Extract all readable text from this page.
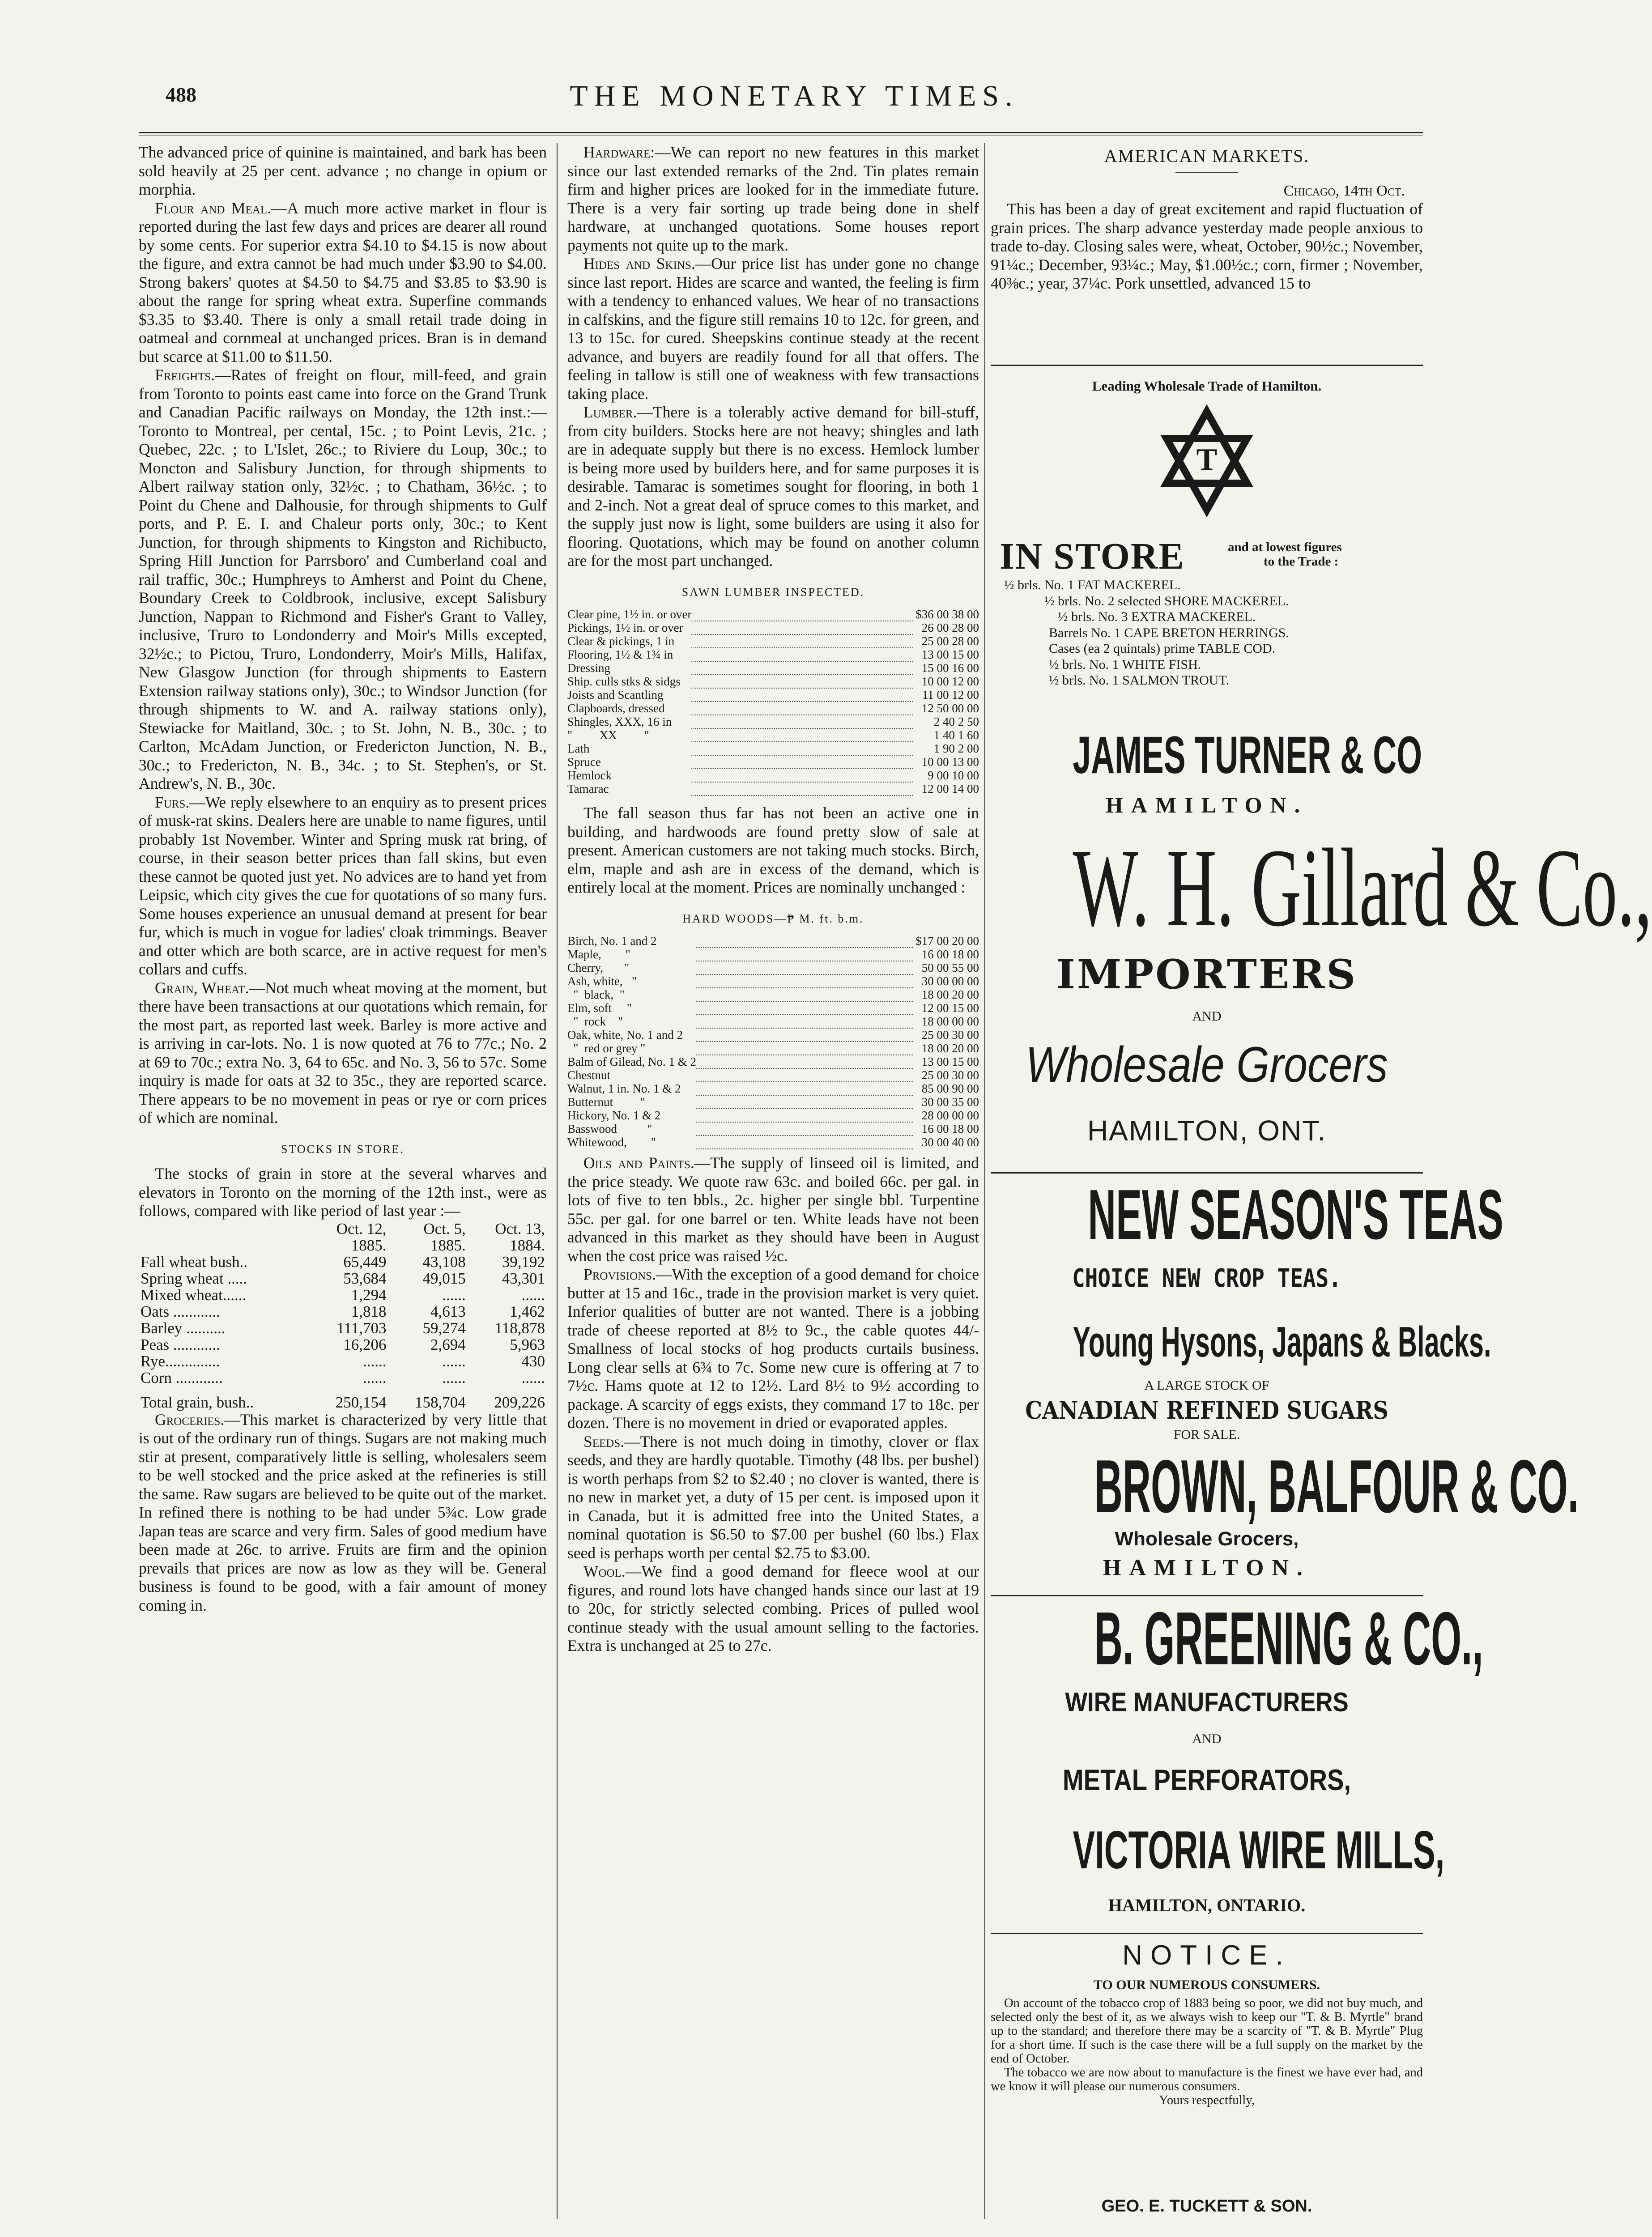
488	THE MONETARY TIMES.

The advanced price of quinine is maintained, and bark has been sold heavily at 25 per cent. advance ; no change in opium or morphia.

Flour and Meal.—A much more active market in flour is reported during the last few days and prices are dearer all round by some cents. For superior extra $4.10 to $4.15 is now about the figure, and extra cannot be had much under $3.90 to $4.00. Strong bakers' quotes at $4.50 to $4.75 and $3.85 to $3.90 is about the range for spring wheat extra. Superfine commands $3.35 to $3.40. There is only a small retail trade doing in oatmeal and cornmeal at unchanged prices. Bran is in demand but scarce at $11.00 to $11.50.

Freights.—Rates of freight on flour, mill-feed, and grain from Toronto to points east came into force on the Grand Trunk and Canadian Pacific railways on Monday, the 12th inst.:—Toronto to Montreal, per cental, 15c. ; to Point Levis, 21c. ; Quebec, 22c. ; to L'Islet, 26c.; to Riviere du Loup, 30c.; to Moncton and Salisbury Junction, for through shipments to Albert railway station only, 32½c. ; to Chatham, 36½c. ; to Point du Chene and Dalhousie, for through shipments to Gulf ports, and P. E. I. and Chaleur ports only, 30c.; to Kent Junction, for through shipments to Kingston and Richibucto, Spring Hill Junction for Parrsboro' and Cumberland coal and rail traffic, 30c.; Humphreys to Amherst and Point du Chene, Boundary Creek to Coldbrook, inclusive, except Salisbury Junction, Nappan to Richmond and Fisher's Grant to Valley, inclusive, Truro to Londonderry and Moir's Mills excepted, 32½c.; to Pictou, Truro, Londonderry, Moir's Mills, Halifax, New Glasgow Junction (for through shipments to Eastern Extension railway stations only), 30c.; to Windsor Junction (for through shipments to W. and A. railway stations only), Stewiacke for Maitland, 30c. ; to St. John, N. B., 30c. ; to Carlton, McAdam Junction, or Fredericton Junction, N. B., 30c.; to Fredericton, N. B., 34c. ; to St. Stephen's, or St. Andrew's, N. B., 30c.

Furs.—We reply elsewhere to an enquiry as to present prices of musk-rat skins. Dealers here are unable to name figures, until probably 1st November. Winter and Spring musk rat bring, of course, in their season better prices than fall skins, but even these cannot be quoted just yet. No advices are to hand yet from Leipsic, which city gives the cue for quotations of so many furs. Some houses experience an unusual demand at present for bear fur, which is much in vogue for ladies' cloak trimmings. Beaver and otter which are both scarce, are in active request for men's collars and cuffs.

Grain, Wheat.—Not much wheat moving at the moment, but there have been transactions at our quotations which remain, for the most part, as reported last week. Barley is more active and is arriving in car-lots. No. 1 is now quoted at 76 to 77c.; No. 2 at 69 to 70c.; extra No. 3, 64 to 65c. and No. 3, 56 to 57c. Some inquiry is made for oats at 32 to 35c., they are reported scarce. There appears to be no movement in peas or rye or corn prices of which are nominal.

STOCKS IN STORE.

The stocks of grain in store at the several wharves and elevators in Toronto on the morning of the 12th inst., were as follows, compared with like period of last year :—

	Oct. 12,	Oct. 5,	Oct. 13,
	1885.	1885.	1884.
Fall wheat bush..	65,449	43,108	39,192
Spring wheat .....	53,684	49,015	43,301
Mixed wheat......	1,294	......	......
Oats ............	1,818	4,613	1,462
Barley ..........	111,703	59,274	118,878
Peas ............	16,206	2,694	5,963
Rye..............	......	......	430
Corn ............	......	......	......
Total grain, bush..	250,154	158,704	209,226

Groceries.—This market is characterized by very little that is out of the ordinary run of things. Sugars are not making much stir at present, comparatively little is selling, wholesalers seem to be well stocked and the price asked at the refineries is still the same. Raw sugars are believed to be quite out of the market. In refined there is nothing to be had under 5¾c. Low grade Japan teas are scarce and very firm. Sales of good medium have been made at 26c. to arrive. Fruits are firm and the opinion prevails that prices are now as low as they will be. General business is found to be good, with a fair amount of money coming in.

Hardware:—We can report no new features in this market since our last extended remarks of the 2nd. Tin plates remain firm and higher prices are looked for in the immediate future. There is a very fair sorting up trade being done in shelf hardware, at unchanged quotations. Some houses report payments not quite up to the mark.

Hides and Skins.—Our price list has under gone no change since last report. Hides are scarce and wanted, the feeling is firm with a tendency to enhanced values. We hear of no transactions in calfskins, and the figure still remains 10 to 12c. for green, and 13 to 15c. for cured. Sheepskins continue steady at the recent advance, and buyers are readily found for all that offers. The feeling in tallow is still one of weakness with few transactions taking place.

Lumber.—There is a tolerably active demand for bill-stuff, from city builders. Stocks here are not heavy; shingles and lath are in adequate supply but there is no excess. Hemlock lumber is being more used by builders here, and for same purposes it is desirable. Tamarac is sometimes sought for flooring, in both 1 and 2-inch. Not a great deal of spruce comes to this market, and the supply just now is light, some builders are using it also for flooring. Quotations, which may be found on another column are for the most part unchanged.

SAWN LUMBER INSPECTED.
Clear pine, 1½ in. or over		$36 00 38 00
Pickings, 1½ in. or over		26 00 28 00
Clear & pickings, 1 in		25 00 28 00
Flooring, 1½ & 1¾ in		13 00 15 00
Dressing		15 00 16 00
Ship. culls stks & sidgs		10 00 12 00
Joists and Scantling		11 00 12 00
Clapboards, dressed		12 50 00 00
Shingles, XXX, 16 in		2 40 2 50
"         XX         "		1 40 1 60
Lath		1 90 2 00
Spruce		10 00 13 00
Hemlock		9 00 10 00
Tamarac		12 00 14 00

The fall season thus far has not been an active one in building, and hardwoods are found pretty slow of sale at present. American customers are not taking much stocks. Birch, elm, maple and ash are in excess of the demand, which is entirely local at the moment. Prices are nominally unchanged :

HARD WOODS—₱ M. ft. b.m.
Birch, No. 1 and 2		$17 00 20 00
Maple,        "		16 00 18 00
Cherry,       "		50 00 55 00
Ash, white,   "		30 00 00 00
"  black,  "		18 00 20 00
Elm, soft     "		12 00 15 00
"  rock    "		18 00 00 00
Oak, white, No. 1 and 2		25 00 30 00
"  red or grey "		18 00 20 00
Balm of Gilead, No. 1 & 2		13 00 15 00
Chestnut		25 00 30 00
Walnut, 1 in. No. 1 & 2		85 00 90 00
Butternut         "		30 00 35 00
Hickory, No. 1 & 2		28 00 00 00
Basswood          "		16 00 18 00
Whitewood,        "		30 00 40 00

Oils and Paints.—The supply of linseed oil is limited, and the price steady. We quote raw 63c. and boiled 66c. per gal. in lots of five to ten bbls., 2c. higher per single bbl. Turpentine 55c. per gal. for one barrel or ten. White leads have not been advanced in this market as they should have been in August when the cost price was raised ½c.

Provisions.—With the exception of a good demand for choice butter at 15 and 16c., trade in the provision market is very quiet. Inferior qualities of butter are not wanted. There is a jobbing trade of cheese reported at 8½ to 9c., the cable quotes 44/- Smallness of local stocks of hog products curtails business. Long clear sells at 6¾ to 7c. Some new cure is offering at 7 to 7½c. Hams quote at 12 to 12½. Lard 8½ to 9½ according to package. A scarcity of eggs exists, they command 17 to 18c. per dozen. There is no movement in dried or evaporated apples.

Seeds.—There is not much doing in timothy, clover or flax seeds, and they are hardly quotable. Timothy (48 lbs. per bushel) is worth perhaps from $2 to $2.40 ; no clover is wanted, there is no new in market yet, a duty of 15 per cent. is imposed upon it in Canada, but it is admitted free into the United States, a nominal quotation is $6.50 to $7.00 per bushel (60 lbs.) Flax seed is perhaps worth per cental $2.75 to $3.00.

Wool.—We find a good demand for fleece wool at our figures, and round lots have changed hands since our last at 19 to 20c, for strictly selected combing. Prices of pulled wool continue steady with the usual amount selling to the factories. Extra is unchanged at 25 to 27c.

AMERICAN MARKETS.
Chicago, 14th Oct.

This has been a day of great excitement and rapid fluctuation of grain prices. The sharp advance yesterday made people anxious to trade to-day. Closing sales were, wheat, October, 90½c.; November, 91¼c.; December, 93¼c.; May, $1.00½c.; corn, firmer ; November, 40⅜c.; year, 37¼c. Pork unsettled, advanced 15 to

Leading Wholesale Trade of Hamilton.
T
IN STORE	and at lowest figures
to the Trade :
½ brls. No. 1 FAT MACKEREL.
½ brls. No. 2 selected SHORE MACKEREL.
½ brls. No. 3 EXTRA MACKEREL.
Barrels No. 1 CAPE BRETON HERRINGS.
Cases (ea 2 quintals) prime TABLE COD.
½ brls. No. 1 WHITE FISH.
½ brls. No. 1 SALMON TROUT.
JAMES TURNER & CO
HAMILTON.
W. H. Gillard & Co.,
IMPORTERS
AND
Wholesale Grocers
HAMILTON, ONT.
NEW SEASON'S TEAS
CHOICE NEW CROP TEAS.
Young Hysons, Japans & Blacks.
A LARGE STOCK OF
CANADIAN REFINED SUGARS
FOR SALE.
BROWN, BALFOUR & CO.
Wholesale Grocers,
HAMILTON.
B. GREENING & CO.,
WIRE MANUFACTURERS
AND
METAL PERFORATORS,
VICTORIA WIRE MILLS,
HAMILTON, ONTARIO.
NOTICE.
TO OUR NUMEROUS CONSUMERS.
On account of the tobacco crop of 1883 being so poor, we did not buy much, and selected only the best of it, as we always wish to keep our "T. & B. Myrtle" brand up to the standard; and therefore there may be a scarcity of "T. & B. Myrtle" Plug for a short time. If such is the case there will be a full supply on the market by the end of October.
The tobacco we are now about to manufacture is the finest we have ever had, and we know it will please our numerous consumers.
Yours respectfully,
GEO. E. TUCKETT & SON.
